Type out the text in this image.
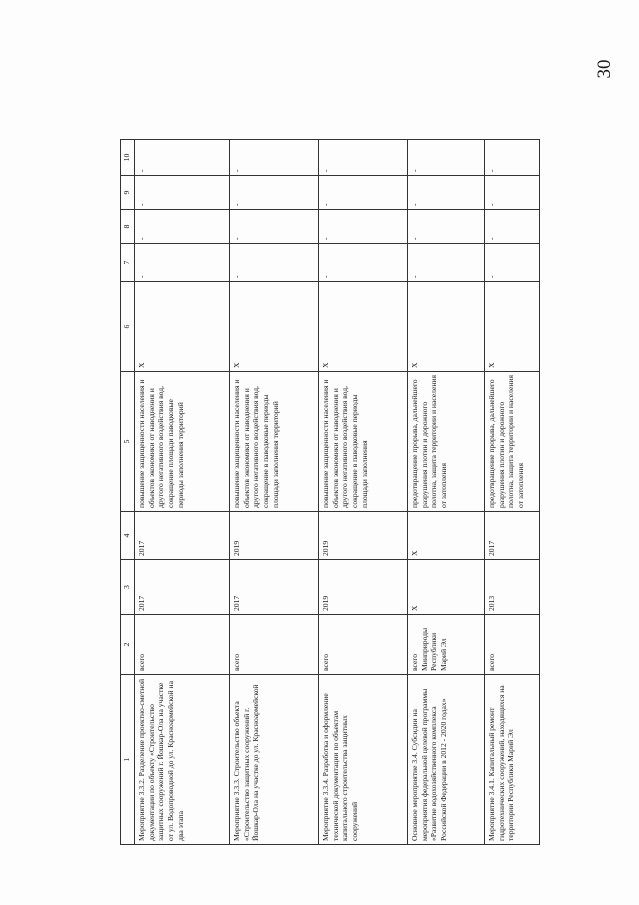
30
1	2	3	4	5	6	7	8	9	10
Мероприятие 3.3.2. Разделение проектно-сметной документации по объекту «Строительство защитных сооружений г. Йошкар-Ола на участке от ул. Водопроводной до ул. Красноармейской на два этапа	всего	2017	2017	повышение защищенности населения и объектов экономики от наводнения и другого негативного воздействия вод, сокращение площади паводковые периоды заполнения территорий	Х	-	-	-	-
Мероприятие 3.3.3. Строительство объекта «Строительство защитных сооружений г. Йошкар-Ола на участке до ул. Красноармейской	всего	2017	2019	повышение защищенности населения и объектов экономики от наводнения и другого негативного воздействия вод, сокращение в паводковые периоды площади заполнения территорий	Х	-	-	-	-
Мероприятие 3.3.4. Разработка и оформление технической документации по объектам капитального строительства защитных сооружений	всего	2019	2019	повышение защищенности населения и объектов экономики от наводнения и другого негативного воздействия вод, сокращение в паводковые периоды площади заполнения	Х	-	-	-	-
Основное мероприятие 3.4. Субсидии на мероприятия федеральной целевой программы «Развитие водохозяйственного комплекса Российской Федерации в 2012 - 2020 годах»	всего Минприроды Республики Марий Эл	Х	Х	предотвращение прорыва, дальнейшего разрушения плотин и дорожного полотна, защита территории и населения от затопления	Х	-	-	-	-
Мероприятие 3.4.1. Капитальный ремонт гидротехнических сооружений, находящихся на территории Республики Марий Эл	всего	2013	2017	предотвращение прорыва, дальнейшего разрушения плотин и дорожного полотна, защита территории и населения от затопления	Х	-	-	-	-
